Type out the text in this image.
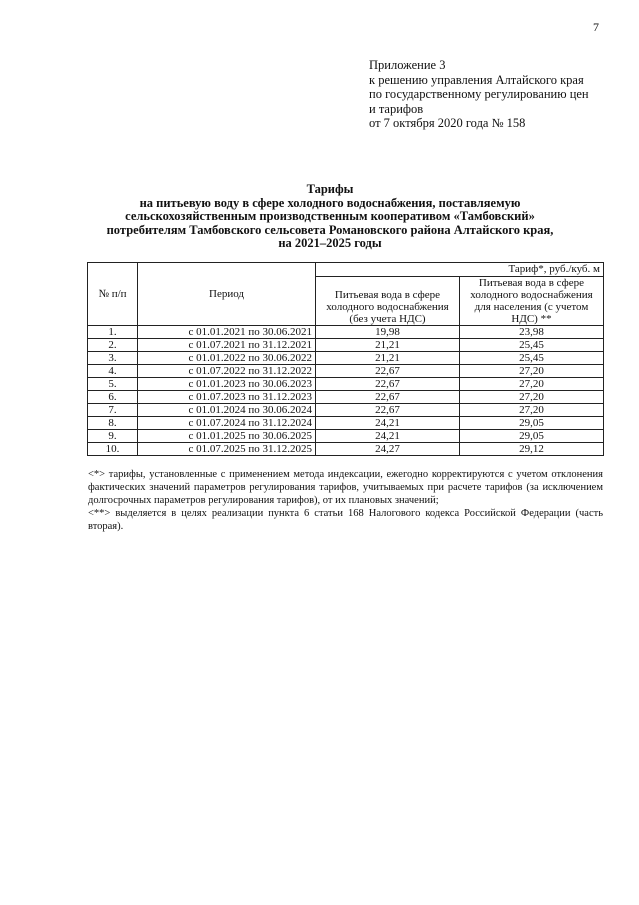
7
Приложение 3
к решению управления Алтайского края
по государственному регулированию цен
и тарифов
от 7 октября 2020 года № 158
Тарифы
на питьевую воду в сфере холодного водоснабжения, поставляемую
сельскохозяйственным производственным кооперативом «Тамбовский»
потребителям Тамбовского сельсовета Романовского района Алтайского края,
на 2021–2025 годы
№ п/п	Период	Тариф*, руб./куб. м	
		Питьевая вода в сфере холодного водоснабжения (без учета НДС)	Питьевая вода в сфере холодного водоснабжения для населения (с учетом НДС) **
1.	с 01.01.2021 по 30.06.2021	19,98	23,98
2.	с 01.07.2021 по 31.12.2021	21,21	25,45
3.	с 01.01.2022 по 30.06.2022	21,21	25,45
4.	с 01.07.2022 по 31.12.2022	22,67	27,20
5.	с 01.01.2023 по 30.06.2023	22,67	27,20
6.	с 01.07.2023 по 31.12.2023	22,67	27,20
7.	с 01.01.2024 по 30.06.2024	22,67	27,20
8.	с 01.07.2024 по 31.12.2024	24,21	29,05
9.	с 01.01.2025 по 30.06.2025	24,21	29,05
10.	с 01.07.2025 по 31.12.2025	24,27	29,12

<*> тарифы, установленные с применением метода индексации, ежегодно корректируются с учетом отклонения фактических значений параметров регулирования тарифов, учитываемых при расчете тарифов (за исключением долгосрочных параметров регулирования тарифов), от их плановых значений;

<**> выделяется в целях реализации пункта 6 статьи 168 Налогового кодекса Российской Федерации (часть вторая).
